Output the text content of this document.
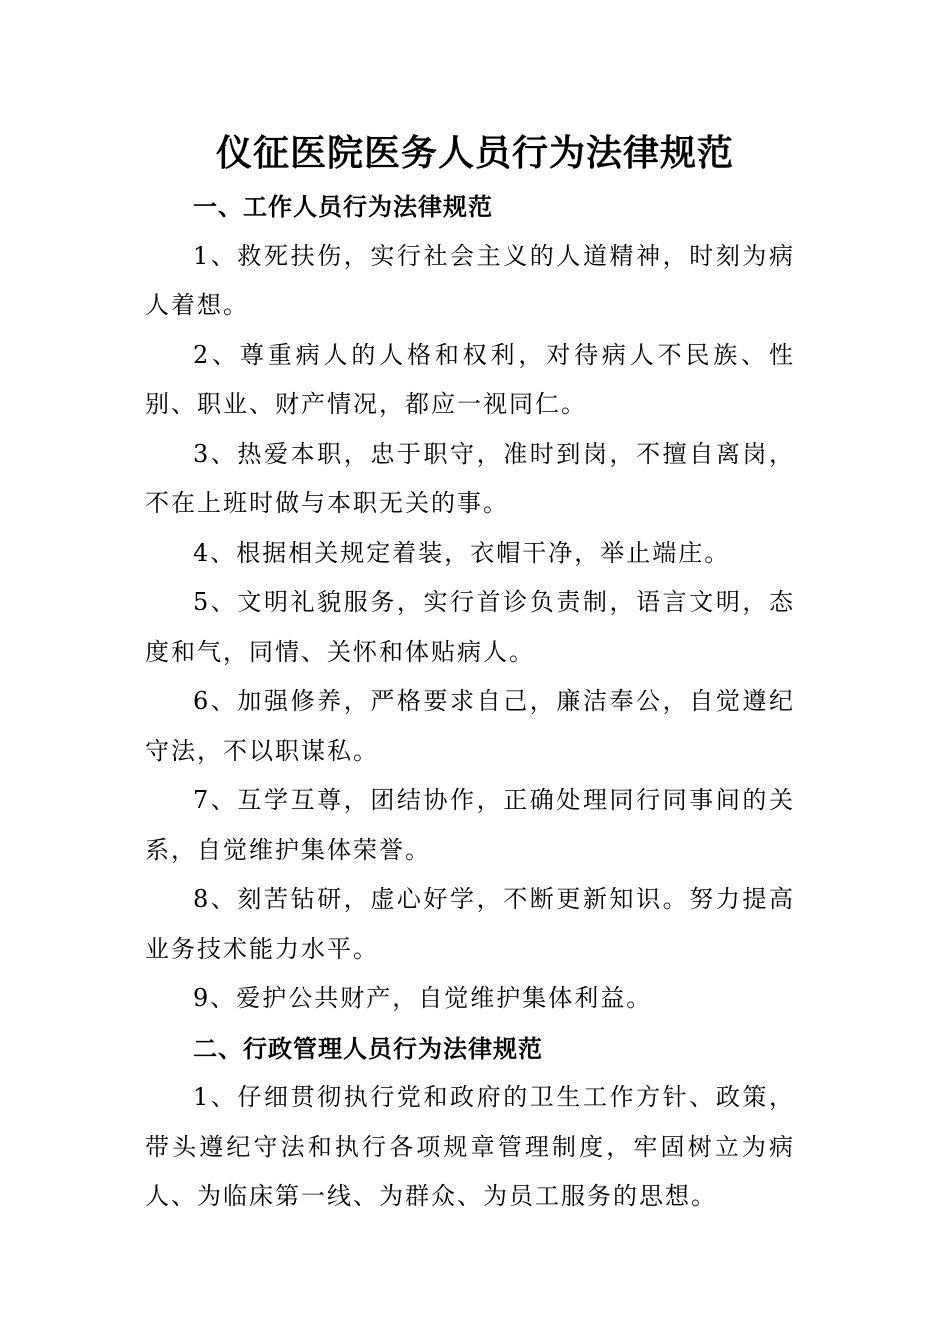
仪征医院医务人员行为法律规范

一、工作人员行为法律规范

1、救死扶伤，实行社会主义的人道精神，时刻为病人着想。

2、尊重病人的人格和权利，对待病人不民族、性别、职业、财产情况，都应一视同仁。

3、热爱本职，忠于职守，准时到岗，不擅自离岗，不在上班时做与本职无关的事。

4、根据相关规定着装，衣帽干净，举止端庄。

5、文明礼貌服务，实行首诊负责制，语言文明，态度和气，同情、关怀和体贴病人。

6、加强修养，严格要求自己，廉洁奉公，自觉遵纪守法，不以职谋私。

7、互学互尊，团结协作，正确处理同行同事间的关系，自觉维护集体荣誉。

8、刻苦钻研，虚心好学，不断更新知识。努力提高业务技术能力水平。

9、爱护公共财产，自觉维护集体利益。

二、行政管理人员行为法律规范

1、仔细贯彻执行党和政府的卫生工作方针、政策，带头遵纪守法和执行各项规章管理制度，牢固树立为病人、为临床第一线、为群众、为员工服务的思想。
